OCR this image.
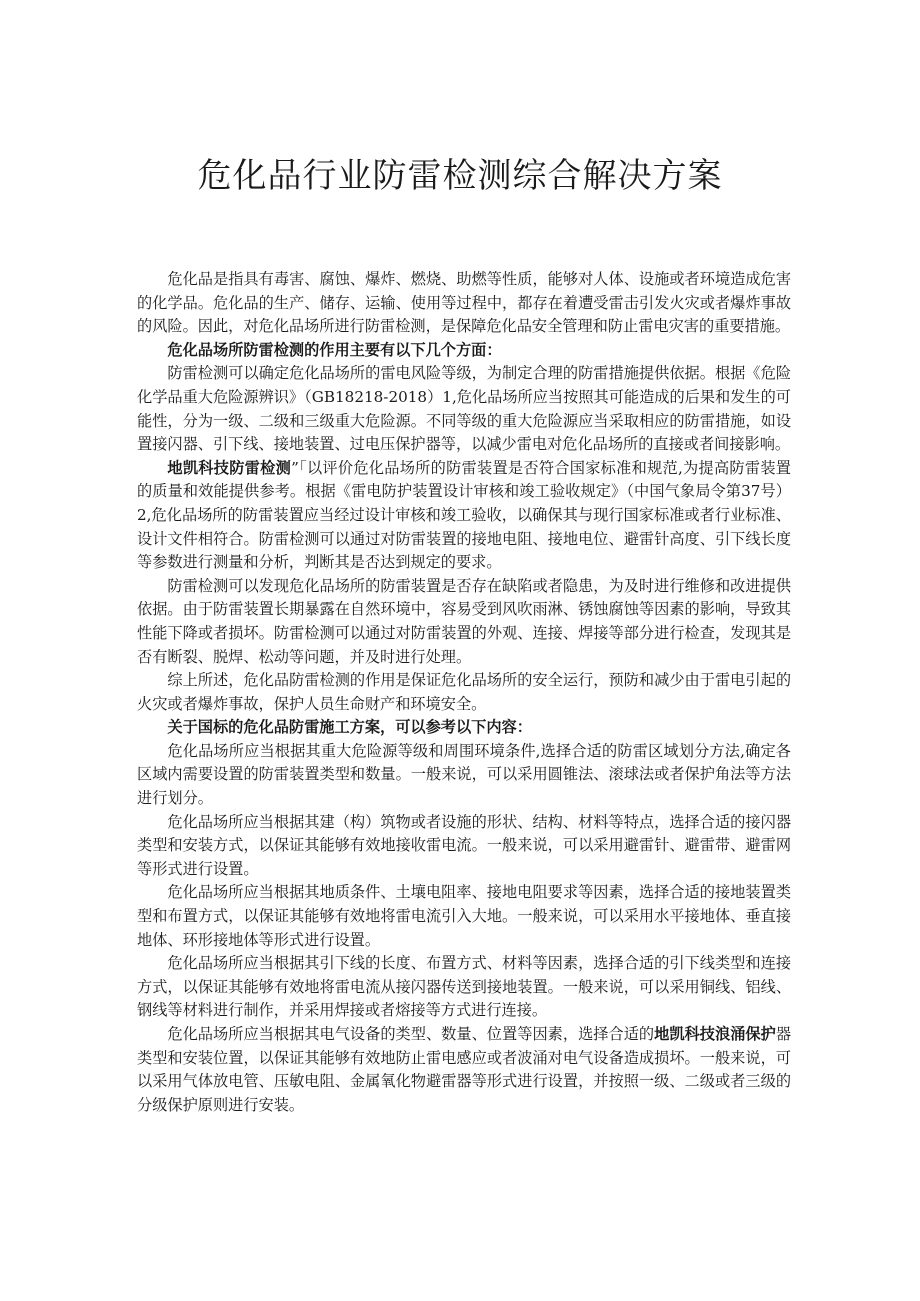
危化品行业防雷检测综合解决方案

危化品是指具有毒害、腐蚀、爆炸、燃烧、助燃等性质，能够对人体、设施或者环境造成危害的化学品。危化品的生产、储存、运输、使用等过程中，都存在着遭受雷击引发火灾或者爆炸事故的风险。因此，对危化品场所进行防雷检测，是保障危化品安全管理和防止雷电灾害的重要措施。

危化品场所防雷检测的作用主要有以下几个方面：

防雷检测可以确定危化品场所的雷电风险等级，为制定合理的防雷措施提供依据。根据《危险化学品重大危险源辨识》（GB18218-2018）1,危化品场所应当按照其可能造成的后果和发生的可能性，分为一级、二级和三级重大危险源。不同等级的重大危险源应当采取相应的防雷措施，如设置接闪器、引下线、接地装置、过电压保护器等，以减少雷电对危化品场所的直接或者间接影响。

地凯科技防雷检测”「以评价危化品场所的防雷装置是否符合国家标准和规范,为提高防雷装置的质量和效能提供参考。根据《雷电防护装置设计审核和竣工验收规定》（中国气象局令第37号）2,危化品场所的防雷装置应当经过设计审核和竣工验收，以确保其与现行国家标准或者行业标准、设计文件相符合。防雷检测可以通过对防雷装置的接地电阻、接地电位、避雷针高度、引下线长度等参数进行测量和分析，判断其是否达到规定的要求。

防雷检测可以发现危化品场所的防雷装置是否存在缺陷或者隐患，为及时进行维修和改进提供依据。由于防雷装置长期暴露在自然环境中，容易受到风吹雨淋、锈蚀腐蚀等因素的影响，导致其性能下降或者损坏。防雷检测可以通过对防雷装置的外观、连接、焊接等部分进行检查，发现其是否有断裂、脱焊、松动等问题，并及时进行处理。

综上所述，危化品防雷检测的作用是保证危化品场所的安全运行，预防和减少由于雷电引起的火灾或者爆炸事故，保护人员生命财产和环境安全。

关于国标的危化品防雷施工方案，可以参考以下内容：

危化品场所应当根据其重大危险源等级和周围环境条件,选择合适的防雷区域划分方法,确定各区域内需要设置的防雷装置类型和数量。一般来说，可以采用圆锥法、滚球法或者保护角法等方法进行划分。

危化品场所应当根据其建（构）筑物或者设施的形状、结构、材料等特点，选择合适的接闪器类型和安装方式，以保证其能够有效地接收雷电流。一般来说，可以采用避雷针、避雷带、避雷网等形式进行设置。

危化品场所应当根据其地质条件、土壤电阻率、接地电阻要求等因素，选择合适的接地装置类型和布置方式，以保证其能够有效地将雷电流引入大地。一般来说，可以采用水平接地体、垂直接地体、环形接地体等形式进行设置。

危化品场所应当根据其引下线的长度、布置方式、材料等因素，选择合适的引下线类型和连接方式，以保证其能够有效地将雷电流从接闪器传送到接地装置。一般来说，可以采用铜线、铝线、钢线等材料进行制作，并采用焊接或者熔接等方式进行连接。

危化品场所应当根据其电气设备的类型、数量、位置等因素，选择合适的地凯科技浪涌保护器类型和安装位置，以保证其能够有效地防止雷电感应或者波涌对电气设备造成损坏。一般来说，可以采用气体放电管、压敏电阻、金属氧化物避雷器等形式进行设置，并按照一级、二级或者三级的分级保护原则进行安装。
